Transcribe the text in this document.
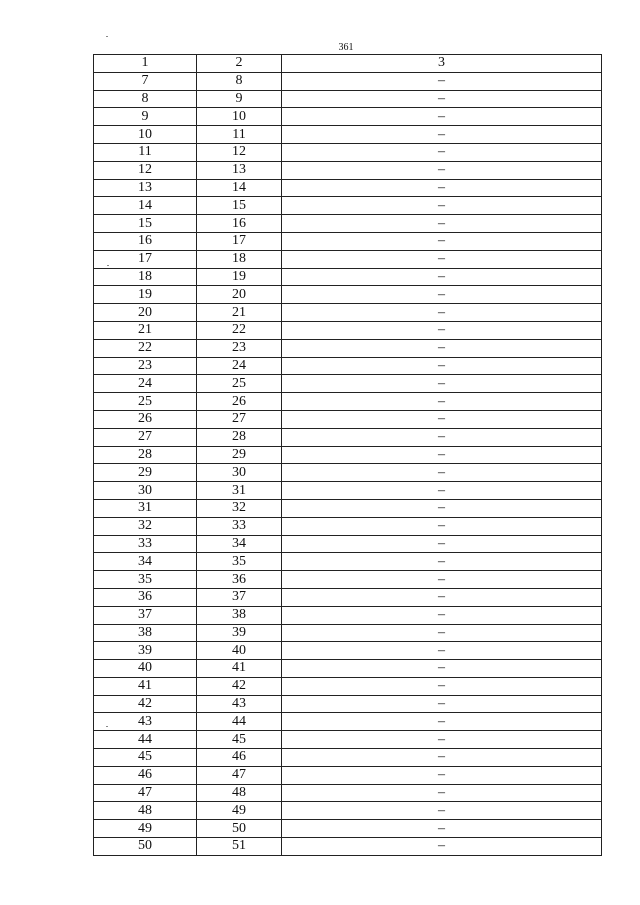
361
1	2	3
7	8	–
8	9	–
9	10	–
10	11	–
11	12	–
12	13	–
13	14	–
14	15	–
15	16	–
16	17	–
17	18	–
18	19	–
19	20	–
20	21	–
21	22	–
22	23	–
23	24	–
24	25	–
25	26	–
26	27	–
27	28	–
28	29	–
29	30	–
30	31	–
31	32	–
32	33	–
33	34	–
34	35	–
35	36	–
36	37	–
37	38	–
38	39	–
39	40	–
40	41	–
41	42	–
42	43	–
43	44	–
44	45	–
45	46	–
46	47	–
47	48	–
48	49	–
49	50	–
50	51	–
